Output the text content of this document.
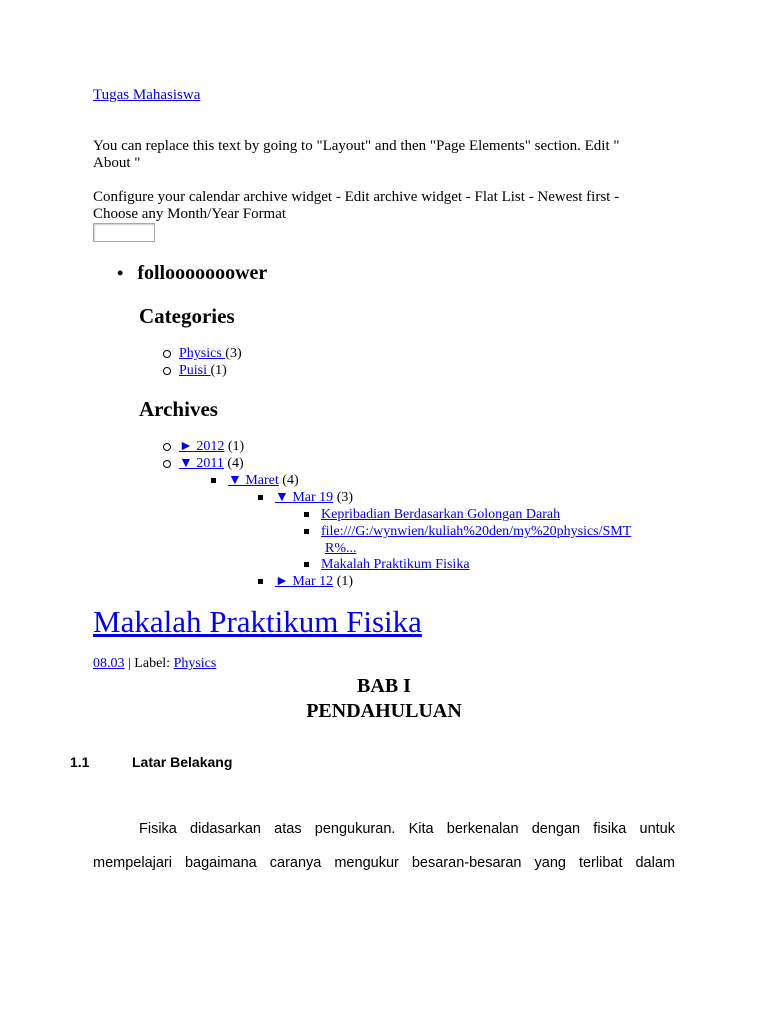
Tugas Mahasiswa
You can replace this text by going to "Layout" and then "Page Elements" section. Edit " About "
Configure your calendar archive widget - Edit archive widget - Flat List - Newest first - Choose any Month/Year Format
• follooooooower
Categories
Physics (3)
Puisi (1)
Archives
► 2012 (1)
▼ 2011 (4)
▼ Maret (4)
▼ Mar 19 (3)
Kepribadian Berdasarkan Golongan Darah
file:///G:/wynwien/kuliah%20den/my%20physics/SMT
R%...
Makalah Praktikum Fisika
► Mar 12 (1)
Makalah Praktikum Fisika
08.03 | Label: Physics
BAB I
PENDAHULUAN
1.1	Latar Belakang
Fisika didasarkan atas pengukuran. Kita berkenalan dengan fisika untuk
mempelajari bagaimana caranya mengukur besaran-besaran yang terlibat dalam
